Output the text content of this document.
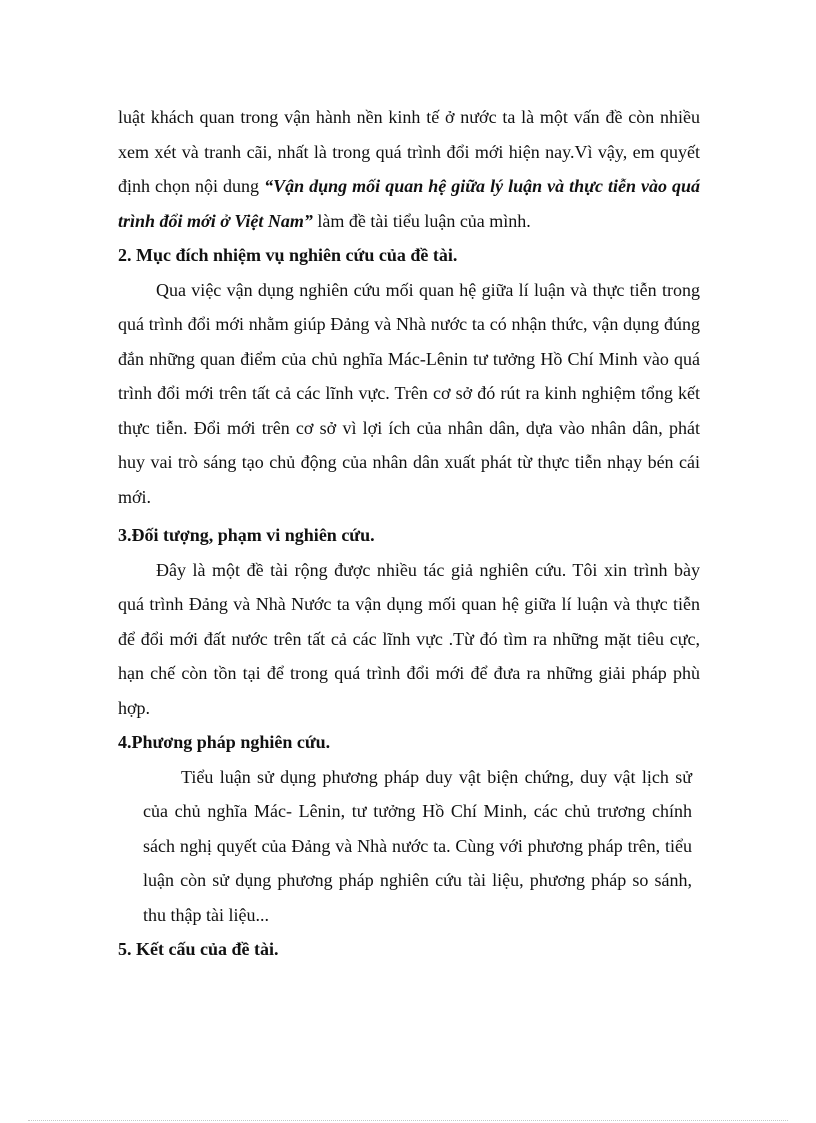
luật khách quan trong vận hành nền kinh tế ở nước ta là một vấn đề còn nhiều xem xét và tranh cãi, nhất là trong quá trình đổi mới hiện nay.Vì vậy, em quyết định chọn nội dung “Vận dụng mối quan hệ giữa lý luận và thực tiễn vào quá trình đổi mới ở Việt Nam” làm đề tài tiểu luận của mình.

2. Mục đích nhiệm vụ nghiên cứu của đề tài.

Qua việc vận dụng nghiên cứu mối quan hệ giữa lí luận và thực tiễn trong quá trình đổi mới nhằm giúp Đảng và Nhà nước ta có nhận thức, vận dụng đúng đắn những quan điểm của chủ nghĩa Mác-Lênin tư tưởng Hồ Chí Minh vào quá trình đổi mới trên tất cả các lĩnh vực. Trên cơ sở đó rút ra kinh nghiệm tổng kết thực tiễn. Đổi mới trên cơ sở vì lợi ích của nhân dân, dựa vào nhân dân, phát huy vai trò sáng tạo chủ động của nhân dân xuất phát từ thực tiễn nhạy bén cái mới.

3.Đối tượng, phạm vi nghiên cứu.

Đây là một đề tài rộng được nhiều tác giả nghiên cứu. Tôi xin trình bày quá trình Đảng và Nhà Nước ta vận dụng mối quan hệ giữa lí luận và thực tiễn để đổi mới đất nước trên tất cả các lĩnh vực .Từ đó tìm ra những mặt tiêu cực, hạn chế còn tồn tại để trong quá trình đổi mới để đưa ra những giải pháp phù hợp.

4.Phương pháp nghiên cứu.

Tiểu luận sử dụng phương pháp duy vật biện chứng, duy vật lịch sử của chủ nghĩa Mác- Lênin, tư tưởng Hồ Chí Minh, các chủ trương chính sách nghị quyết của Đảng và Nhà nước ta. Cùng với phương pháp trên, tiểu luận còn sử dụng phương pháp nghiên cứu tài liệu, phương pháp so sánh, thu thập tài liệu...

5. Kết cấu của đề tài.
